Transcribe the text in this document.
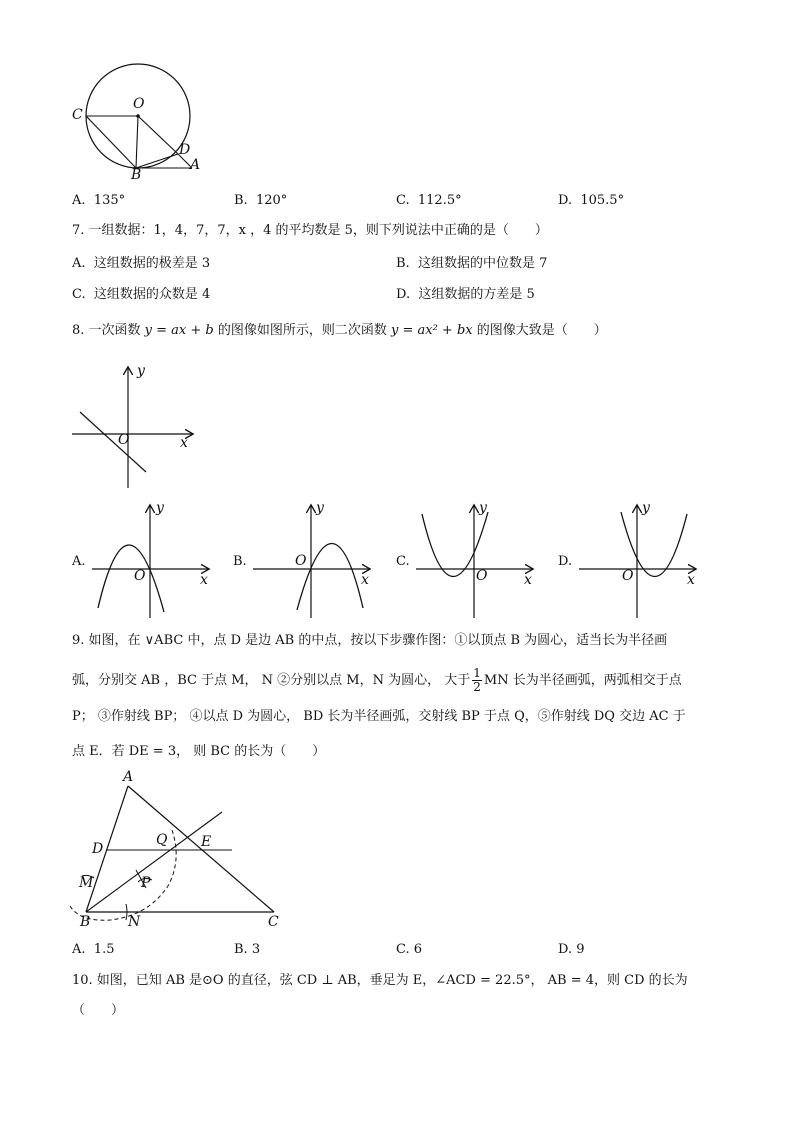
O
C
D
A
B
A. 135°	B. 120°	C. 112.5°	D. 105.5°
7. 一组数据：1，4，7，7，x ，4 的平均数是 5，则下列说法中正确的是（　　）
A. 这组数据的极差是 3	B. 这组数据的中位数是 7
C. 这组数据的众数是 4	D. 这组数据的方差是 5
8. 一次函数 y = ax + b 的图像如图所示，则二次函数 y = ax² + bx 的图像大致是（　　）
y
x
O
A.
y
x
O
B.
y
x
O	C.
y
x
O
D.
y
x
O
9. 如图，在 ∨ABC 中，点 D 是边 AB 的中点，按以下步骤作图：①以顶点 B 为圆心，适当长为半径画
弧，分别交 AB ，BC 于点 M， N ②分别以点 M，N 为圆心， 大于 $\frac{1}{2}$ MN 长为半径画弧，两弧相交于点
P； ③作射线 BP； ④以点 D 为圆心， BD 长为半径画弧，交射线 BP 于点 Q，⑤作射线 DQ 交边 AC 于
点 E．若 DE = 3， 则 BC 的长为（　　）
A
Q E
D
M	P
B	N	C
A. 1.5	B. 3	C. 6	D. 9
10. 如图，已知 AB 是⊙O 的直径，弦 CD ⊥ AB，垂足为 E，∠ACD = 22.5°， AB = 4，则 CD 的长为
（　　）
